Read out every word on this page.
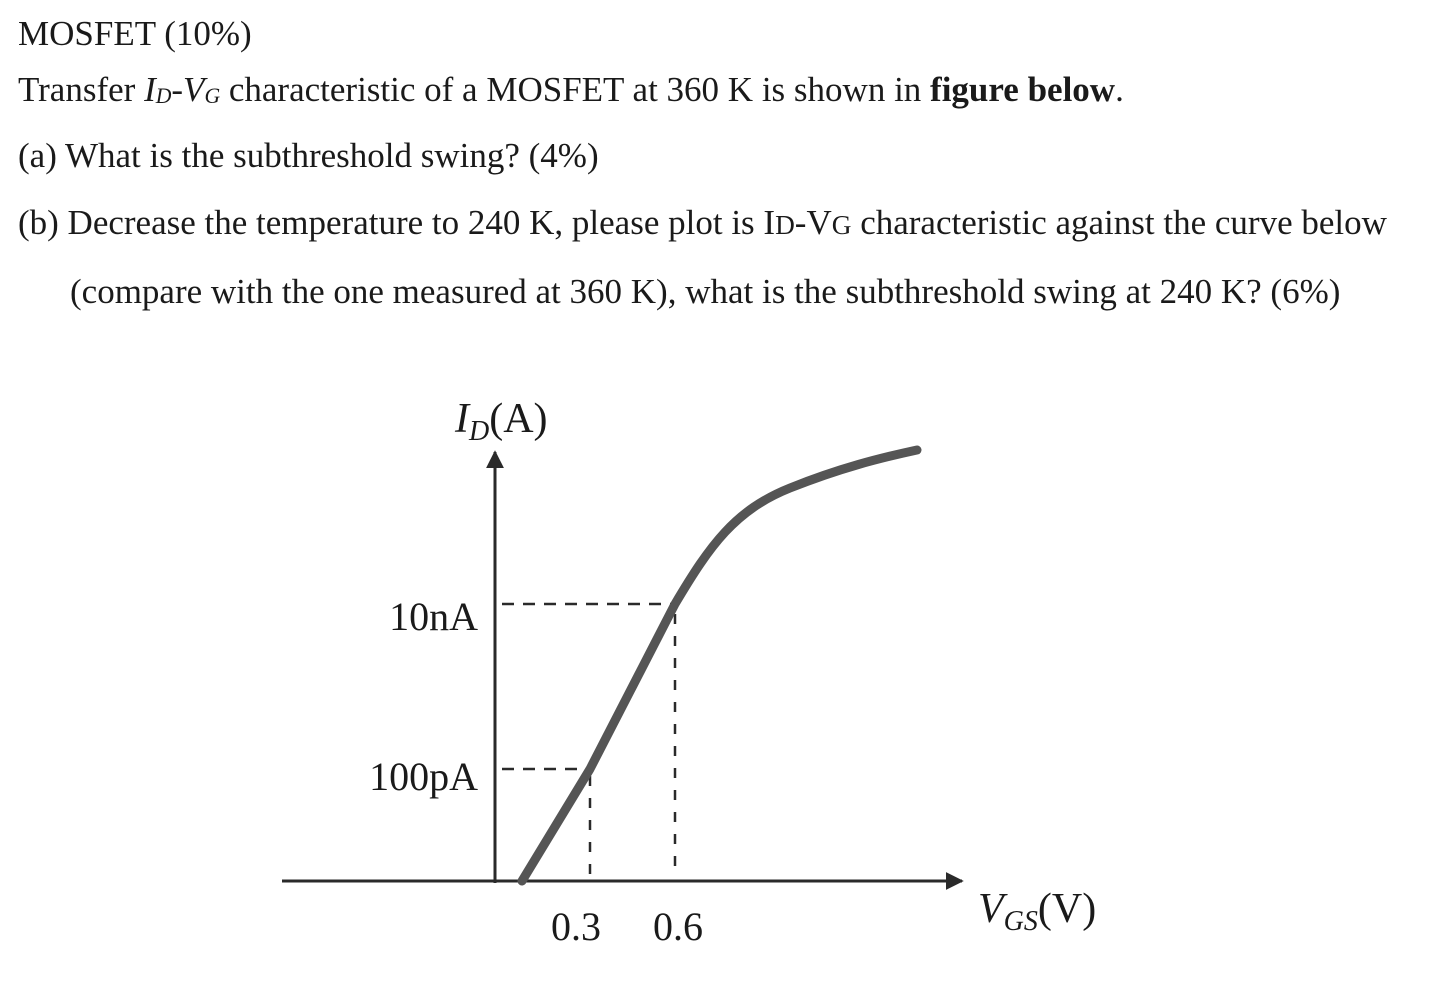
MOSFET (10%)
Transfer ID-VG characteristic of a MOSFET at 360 K is shown in figure below.
(a) What is the subthreshold swing? (4%)
(b) Decrease the temperature to 240 K, please plot is ID-VG characteristic against the curve below
(compare with the one measured at 360 K), what is the subthreshold swing at 240 K? (6%)
ID(A)
VGS(V)
10nA
100pA
0.3 0.6
